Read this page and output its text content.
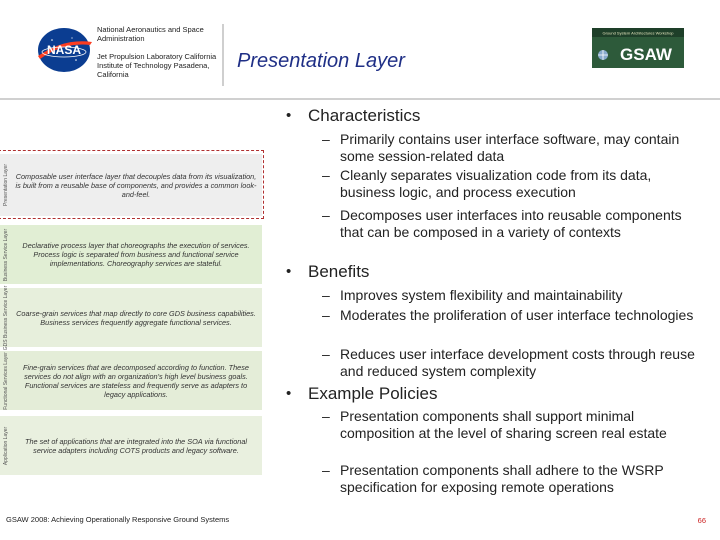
NASA
National Aeronautics and Space Administration
Jet Propulsion Laboratory California Institute of Technology Pasadena, California
Presentation Layer
Ground System Architectures Workshop
GSAW
Presentation Layer Composable user interface layer that decouples data from its visualization, is built from a reusable base of components, and provides a common look-and-feel.
Business Service Layer	Declarative process layer that choreographs the execution of services. Process logic is separated from business and functional service implementations. Choreography services are stateful.
GDS Business Service Layer Coarse-grain services that map directly to core GDS business capabilities. Business services frequently aggregate functional services.
Functional Services Layer	Fine-grain services that are decomposed according to function. These services do not align with an organization's high level business goals. Functional services are stateless and frequently serve as adapters to legacy applications.
Application Layer	The set of applications that are integrated into the SOA via functional service adapters including COTS products and legacy software.
• Characteristics
– Primarily contains user interface software, may contain some session-related data
– Cleanly separates visualization code from its data, business logic, and process execution
– Decomposes user interfaces into reusable components that can be composed in a variety of contexts
• Benefits
– Improves system flexibility and maintainability
– Moderates the proliferation of user interface technologies
– Reduces user interface development costs through reuse and reduced system complexity
• Example Policies
– Presentation components shall support minimal composition at the level of sharing screen real estate
– Presentation components shall adhere to the WSRP specification for exposing remote operations
GSAW 2008: Achieving Operationally Responsive Ground Systems	66
